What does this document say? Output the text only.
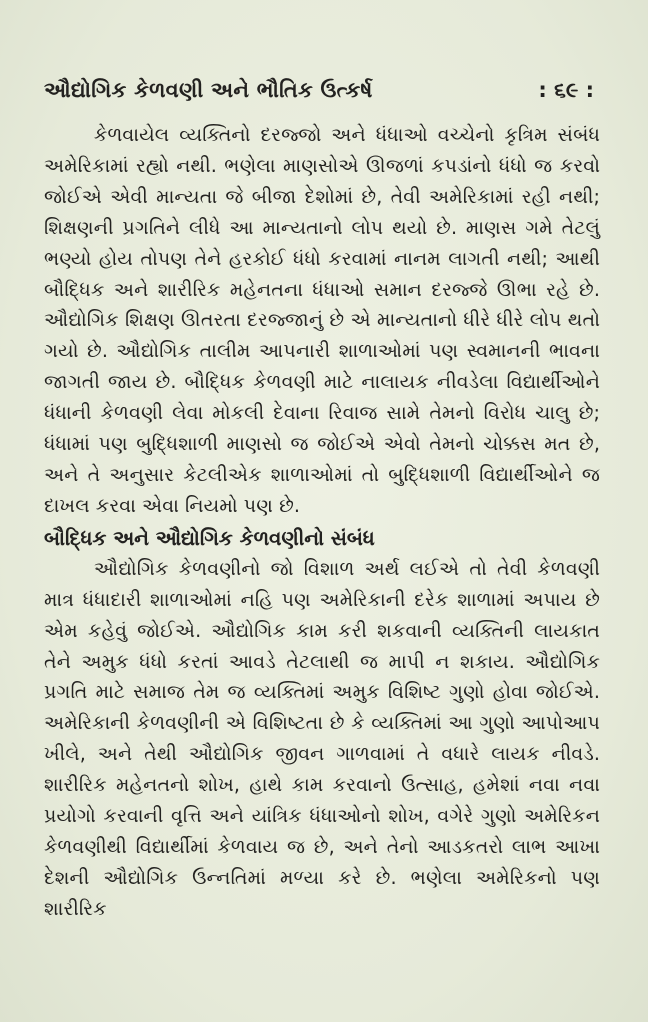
ઔદ્યોગિક કેળવણી અને ભૌતિક ઉત્કર્ષ	: ૬૯ :

કેળવાયેલ વ્યક્તિનો દરજ્જો અને ધંધાઓ વચ્ચેનો કૃત્રિમ સંબંધ અમેરિકામાં રહ્યો નથી. ભણેલા માણસોએ ઊજળાં કપડાંનો ધંધો જ કરવો જોઈએ એવી માન્યતા જે બીજા દેશોમાં છે, તેવી અમેરિકામાં રહી નથી; શિક્ષણની પ્રગતિને લીધે આ માન્યતાનો લોપ થયો છે. માણસ ગમે તેટલું ભણ્યો હોય તોપણ તેને હરકોઈ ધંધો કરવામાં નાનમ લાગતી નથી; આથી બૌદ્ધિક અને શારીરિક મહેનતના ધંધાઓ સમાન દરજ્જે ઊભા રહે છે. ઔદ્યોગિક શિક્ષણ ઊતરતા દરજ્જાનું છે એ માન્યતાનો ધીરે ધીરે લોપ થતો ગયો છે. ઔદ્યોગિક તાલીમ આપનારી શાળાઓમાં પણ સ્વમાનની ભાવના જાગતી જાય છે. બૌદ્ધિક કેળવણી માટે નાલાયક નીવડેલા વિદ્યાર્થીઓને ધંધાની કેળવણી લેવા મોકલી દેવાના રિવાજ સામે તેમનો વિરોધ ચાલુ છે; ધંધામાં પણ બુદ્ધિશાળી માણસો જ જોઈએ એવો તેમનો ચોક્કસ મત છે, અને તે અનુસાર કેટલીએક શાળાઓમાં તો બુદ્ધિશાળી વિદ્યાર્થીઓને જ દાખલ કરવા એવા નિયમો પણ છે.

બૌદ્ધિક અને ઔદ્યોગિક કેળવણીનો સંબંધ

ઔદ્યોગિક કેળવણીનો જો વિશાળ અર્થ લઈએ તો તેવી કેળવણી માત્ર ધંધાદારી શાળાઓમાં નહિ પણ અમેરિકાની દરેક શાળામાં અપાય છે એમ કહેવું જોઈએ. ઔદ્યોગિક કામ કરી શકવાની વ્યક્તિની લાયકાત તેને અમુક ધંધો કરતાં આવડે તેટલાથી જ માપી ન શકાય. ઔદ્યોગિક પ્રગતિ માટે સમાજ તેમ જ વ્યક્તિમાં અમુક વિશિષ્ટ ગુણો હોવા જોઈએ. અમેરિકાની કેળવણીની એ વિશિષ્ટતા છે કે વ્યક્તિમાં આ ગુણો આપોઆપ ખીલે, અને તેથી ઔદ્યોગિક જીવન ગાળવામાં તે વધારે લાયક નીવડે. શારીરિક મહેનતનો શોખ, હાથે કામ કરવાનો ઉત્સાહ, હમેશાં નવા નવા પ્રયોગો કરવાની વૃત્તિ અને યાંત્રિક ધંધાઓનો શોખ, વગેરે ગુણો અમેરિકન કેળવણીથી વિદ્યાર્થીમાં કેળવાય જ છે, અને તેનો આડકતરો લાભ આખા દેશની ઔદ્યોગિક ઉન્નતિમાં મળ્યા કરે છે. ભણેલા અમેરિકનો પણ શારીરિક
